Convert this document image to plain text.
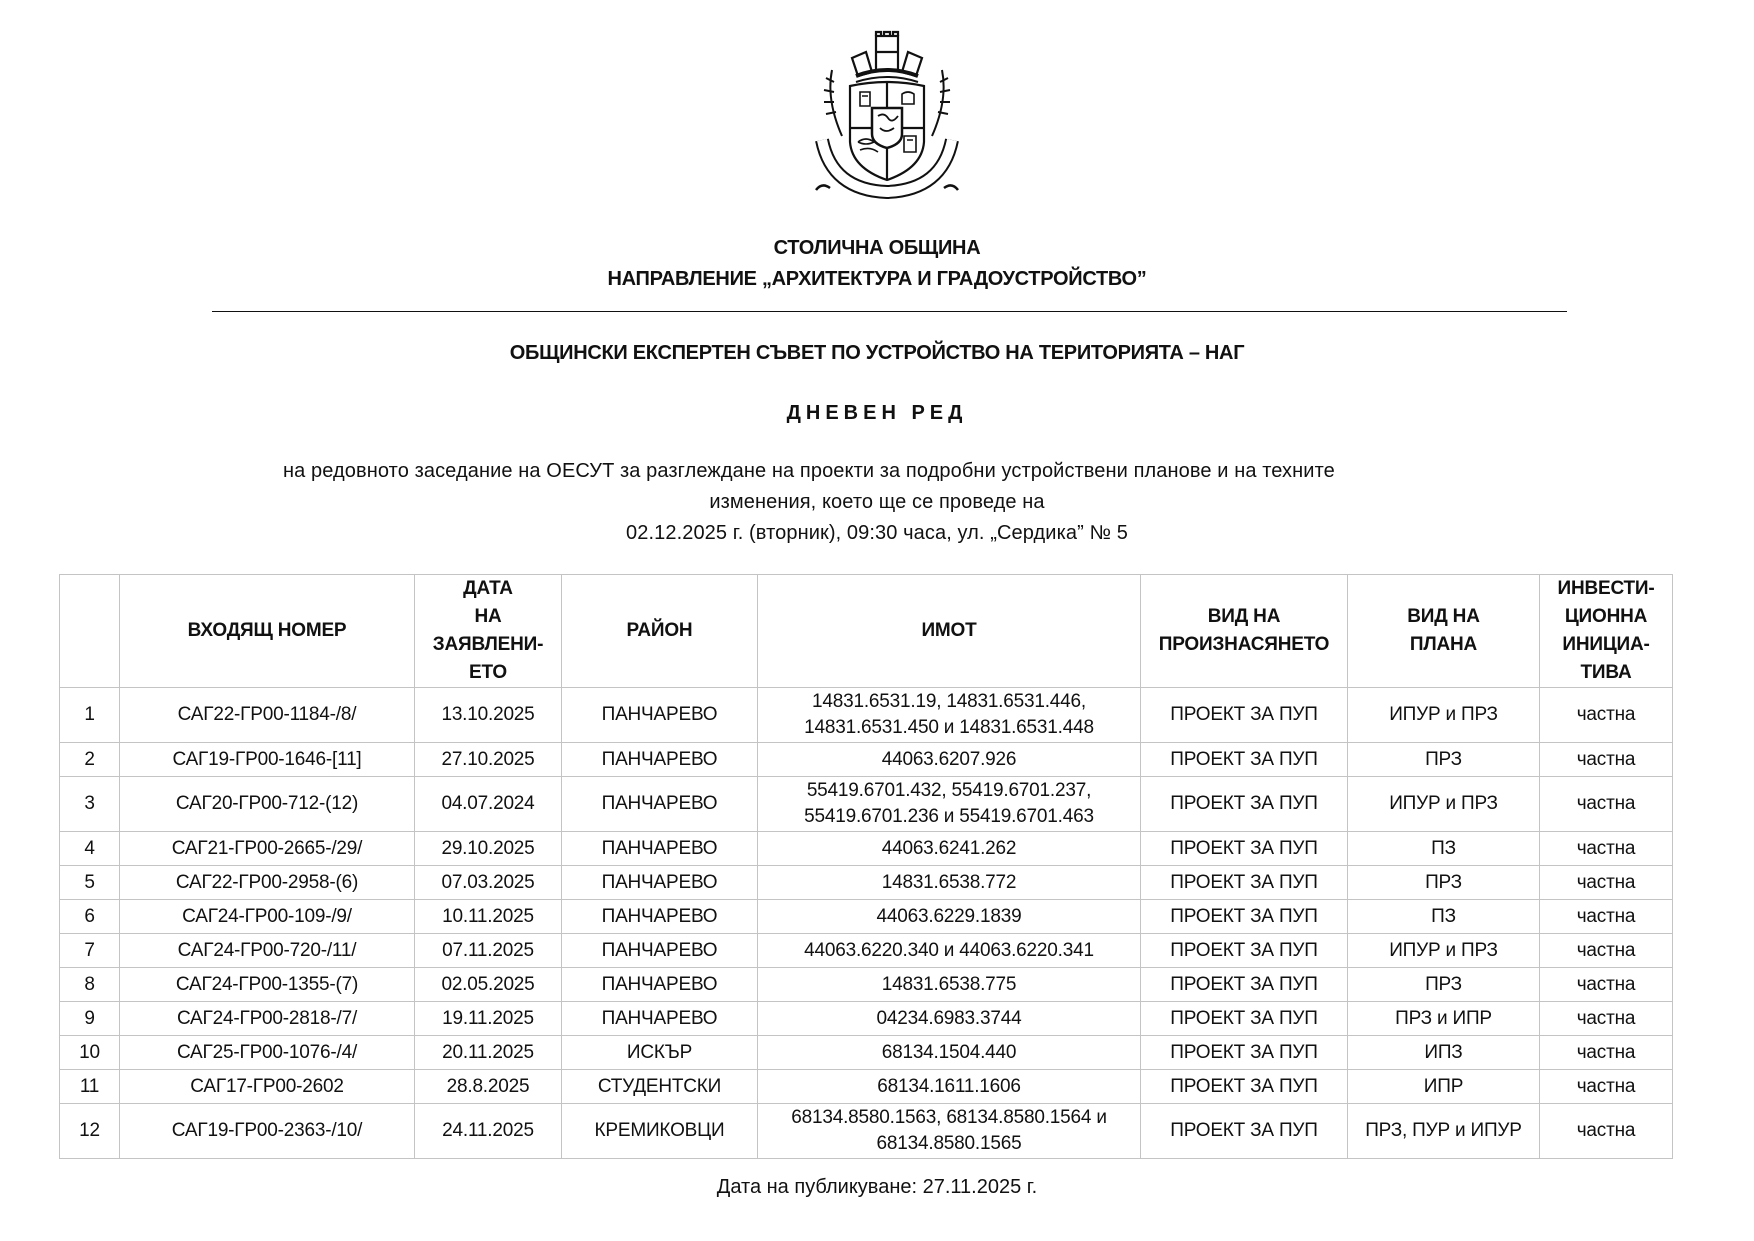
СТОЛИЧНА ОБЩИНА
НАПРАВЛЕНИЕ „АРХИТЕКТУРА И ГРАДОУСТРОЙСТВО”
ОБЩИНСКИ ЕКСПЕРТЕН СЪВЕТ ПО УСТРОЙСТВО НА ТЕРИТОРИЯТА – НАГ
ДНЕВЕН РЕД
на редовното заседание на ОЕСУТ за разглеждане на проекти за подробни устройствени планове и на техните
изменения, което ще се проведе на
02.12.2025 г. (вторник), 09:30 часа, ул. „Сердика” № 5
	ВХОДЯЩ НОМЕР	ДАТА
НА
ЗАЯВЛЕНИ-
ЕТО	РАЙОН	ИМОТ	ВИД НА
ПРОИЗНАСЯНЕТО	ВИД НА
ПЛАНА	ИНВЕСТИ-
ЦИОННА
ИНИЦИА-
ТИВА
1	САГ22-ГР00-1184-/8/	13.10.2025	ПАНЧАРЕВО	14831.6531.19, 14831.6531.446, 14831.6531.450 и 14831.6531.448	ПРОЕКТ ЗА ПУП	ИПУР и ПРЗ	частна
2	САГ19-ГР00-1646-[11]	27.10.2025	ПАНЧАРЕВО	44063.6207.926	ПРОЕКТ ЗА ПУП	ПРЗ	частна
3	САГ20-ГР00-712-(12)	04.07.2024	ПАНЧАРЕВО	55419.6701.432, 55419.6701.237, 55419.6701.236 и 55419.6701.463	ПРОЕКТ ЗА ПУП	ИПУР и ПРЗ	частна
4	САГ21-ГР00-2665-/29/	29.10.2025	ПАНЧАРЕВО	44063.6241.262	ПРОЕКТ ЗА ПУП	ПЗ	частна
5	САГ22-ГР00-2958-(6)	07.03.2025	ПАНЧАРЕВО	14831.6538.772	ПРОЕКТ ЗА ПУП	ПРЗ	частна
6	САГ24-ГР00-109-/9/	10.11.2025	ПАНЧАРЕВО	44063.6229.1839	ПРОЕКТ ЗА ПУП	ПЗ	частна
7	САГ24-ГР00-720-/11/	07.11.2025	ПАНЧАРЕВО	44063.6220.340 и 44063.6220.341	ПРОЕКТ ЗА ПУП	ИПУР и ПРЗ	частна
8	САГ24-ГР00-1355-(7)	02.05.2025	ПАНЧАРЕВО	14831.6538.775	ПРОЕКТ ЗА ПУП	ПРЗ	частна
9	САГ24-ГР00-2818-/7/	19.11.2025	ПАНЧАРЕВО	04234.6983.3744	ПРОЕКТ ЗА ПУП	ПРЗ и ИПР	частна
10	САГ25-ГР00-1076-/4/	20.11.2025	ИСКЪР	68134.1504.440	ПРОЕКТ ЗА ПУП	ИПЗ	частна
11	САГ17-ГР00-2602	28.8.2025	СТУДЕНТСКИ	68134.1611.1606	ПРОЕКТ ЗА ПУП	ИПР	частна
12	САГ19-ГР00-2363-/10/	24.11.2025	КРЕМИКОВЦИ	68134.8580.1563, 68134.8580.1564 и 68134.8580.1565	ПРОЕКТ ЗА ПУП	ПРЗ, ПУР и ИПУР	частна
Дата на публикуване: 27.11.2025 г.
